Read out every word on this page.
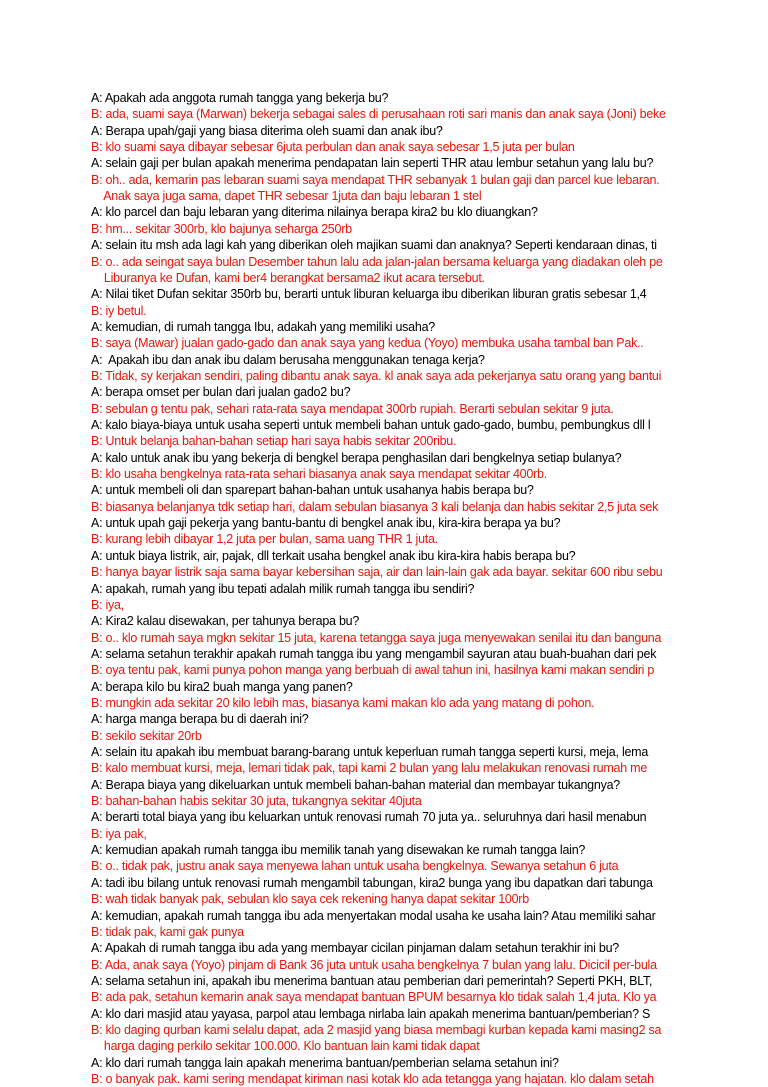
A: Apakah ada anggota rumah tangga yang bekerja bu?
B: ada, suami saya (Marwan) bekerja sebagai sales di perusahaan roti sari manis dan anak saya (Joni) beke
A: Berapa upah/gaji yang biasa diterima oleh suami dan anak ibu?
B: klo suami saya dibayar sebesar 6juta perbulan dan anak saya sebesar 1,5 juta per bulan
A: selain gaji per bulan apakah menerima pendapatan lain seperti THR atau lembur setahun yang lalu bu?
B: oh.. ada, kemarin pas lebaran suami saya mendapat THR sebanyak 1 bulan gaji dan parcel kue lebaran.
Anak saya juga sama, dapet THR sebesar 1juta dan baju lebaran 1 stel
A: klo parcel dan baju lebaran yang diterima nilainya berapa kira2 bu klo diuangkan?
B: hm... sekitar 300rb, klo bajunya seharga 250rb
A: selain itu msh ada lagi kah yang diberikan oleh majikan suami dan anaknya? Seperti kendaraan dinas, ti
B: o.. ada seingat saya bulan Desember tahun lalu ada jalan-jalan bersama keluarga yang diadakan oleh pe
Liburanya ke Dufan, kami ber4 berangkat bersama2 ikut acara tersebut.
A: Nilai tiket Dufan sekitar 350rb bu, berarti untuk liburan keluarga ibu diberikan liburan gratis sebesar 1,4
B: iy betul.
A: kemudian, di rumah tangga Ibu, adakah yang memiliki usaha?
B: saya (Mawar) jualan gado-gado dan anak saya yang kedua (Yoyo) membuka usaha tambal ban Pak..
A:  Apakah ibu dan anak ibu dalam berusaha menggunakan tenaga kerja?
B: Tidak, sy kerjakan sendiri, paling dibantu anak saya. kl anak saya ada pekerjanya satu orang yang bantui
A: berapa omset per bulan dari jualan gado2 bu?
B: sebulan g tentu pak, sehari rata-rata saya mendapat 300rb rupiah. Berarti sebulan sekitar 9 juta.
A: kalo biaya-biaya untuk usaha seperti untuk membeli bahan untuk gado-gado, bumbu, pembungkus dll l
B: Untuk belanja bahan-bahan setiap hari saya habis sekitar 200ribu.
A: kalo untuk anak ibu yang bekerja di bengkel berapa penghasilan dari bengkelnya setiap bulanya?
B: klo usaha bengkelnya rata-rata sehari biasanya anak saya mendapat sekitar 400rb.
A: untuk membeli oli dan sparepart bahan-bahan untuk usahanya habis berapa bu?
B: biasanya belanjanya tdk setiap hari, dalam sebulan biasanya 3 kali belanja dan habis sekitar 2,5 juta sek
A: untuk upah gaji pekerja yang bantu-bantu di bengkel anak ibu, kira-kira berapa ya bu?
B: kurang lebih dibayar 1,2 juta per bulan, sama uang THR 1 juta.
A: untuk biaya listrik, air, pajak, dll terkait usaha bengkel anak ibu kira-kira habis berapa bu?
B: hanya bayar listrik saja sama bayar kebersihan saja, air dan lain-lain gak ada bayar. sekitar 600 ribu sebu
A: apakah, rumah yang ibu tepati adalah milik rumah tangga ibu sendiri?
B: iya,
A: Kira2 kalau disewakan, per tahunya berapa bu?
B: o.. klo rumah saya mgkn sekitar 15 juta, karena tetangga saya juga menyewakan senilai itu dan banguna
A: selama setahun terakhir apakah rumah tangga ibu yang mengambil sayuran atau buah-buahan dari pek
B: oya tentu pak, kami punya pohon manga yang berbuah di awal tahun ini, hasilnya kami makan sendiri p
A: berapa kilo bu kira2 buah manga yang panen?
B: mungkin ada sekitar 20 kilo lebih mas, biasanya kami makan klo ada yang matang di pohon.
A: harga manga berapa bu di daerah ini?
B: sekilo sekitar 20rb
A: selain itu apakah ibu membuat barang-barang untuk keperluan rumah tangga seperti kursi, meja, lema
B: kalo membuat kursi, meja, lemari tidak pak, tapi kami 2 bulan yang lalu melakukan renovasi rumah me
A: Berapa biaya yang dikeluarkan untuk membeli bahan-bahan material dan membayar tukangnya?
B: bahan-bahan habis sekitar 30 juta, tukangnya sekitar 40juta
A: berarti total biaya yang ibu keluarkan untuk renovasi rumah 70 juta ya.. seluruhnya dari hasil menabun
B: iya pak,
A: kemudian apakah rumah tangga ibu memilik tanah yang disewakan ke rumah tangga lain?
B: o.. tidak pak, justru anak saya menyewa lahan untuk usaha bengkelnya. Sewanya setahun 6 juta
A: tadi ibu bilang untuk renovasi rumah mengambil tabungan, kira2 bunga yang ibu dapatkan dari tabunga
B: wah tidak banyak pak, sebulan klo saya cek rekening hanya dapat sekitar 100rb
A: kemudian, apakah rumah tangga ibu ada menyertakan modal usaha ke usaha lain? Atau memiliki sahar
B: tidak pak, kami gak punya
A: Apakah di rumah tangga ibu ada yang membayar cicilan pinjaman dalam setahun terakhir ini bu?
B: Ada, anak saya (Yoyo) pinjam di Bank 36 juta untuk usaha bengkelnya 7 bulan yang lalu. Dicicil per-bula
A: selama setahun ini, apakah ibu menerima bantuan atau pemberian dari pemerintah? Seperti PKH, BLT,
B: ada pak, setahun kemarin anak saya mendapat bantuan BPUM besarnya klo tidak salah 1,4 juta. Klo ya
A: klo dari masjid atau yayasa, parpol atau lembaga nirlaba lain apakah menerima bantuan/pemberian? S
B: klo daging qurban kami selalu dapat, ada 2 masjid yang biasa membagi kurban kepada kami masing2 sa
harga daging perkilo sekitar 100.000. Klo bantuan lain kami tidak dapat
A: klo dari rumah tangga lain apakah menerima bantuan/pemberian selama setahun ini?
B: o banyak pak. kami sering mendapat kiriman nasi kotak klo ada tetangga yang hajatan. klo dalam setah
